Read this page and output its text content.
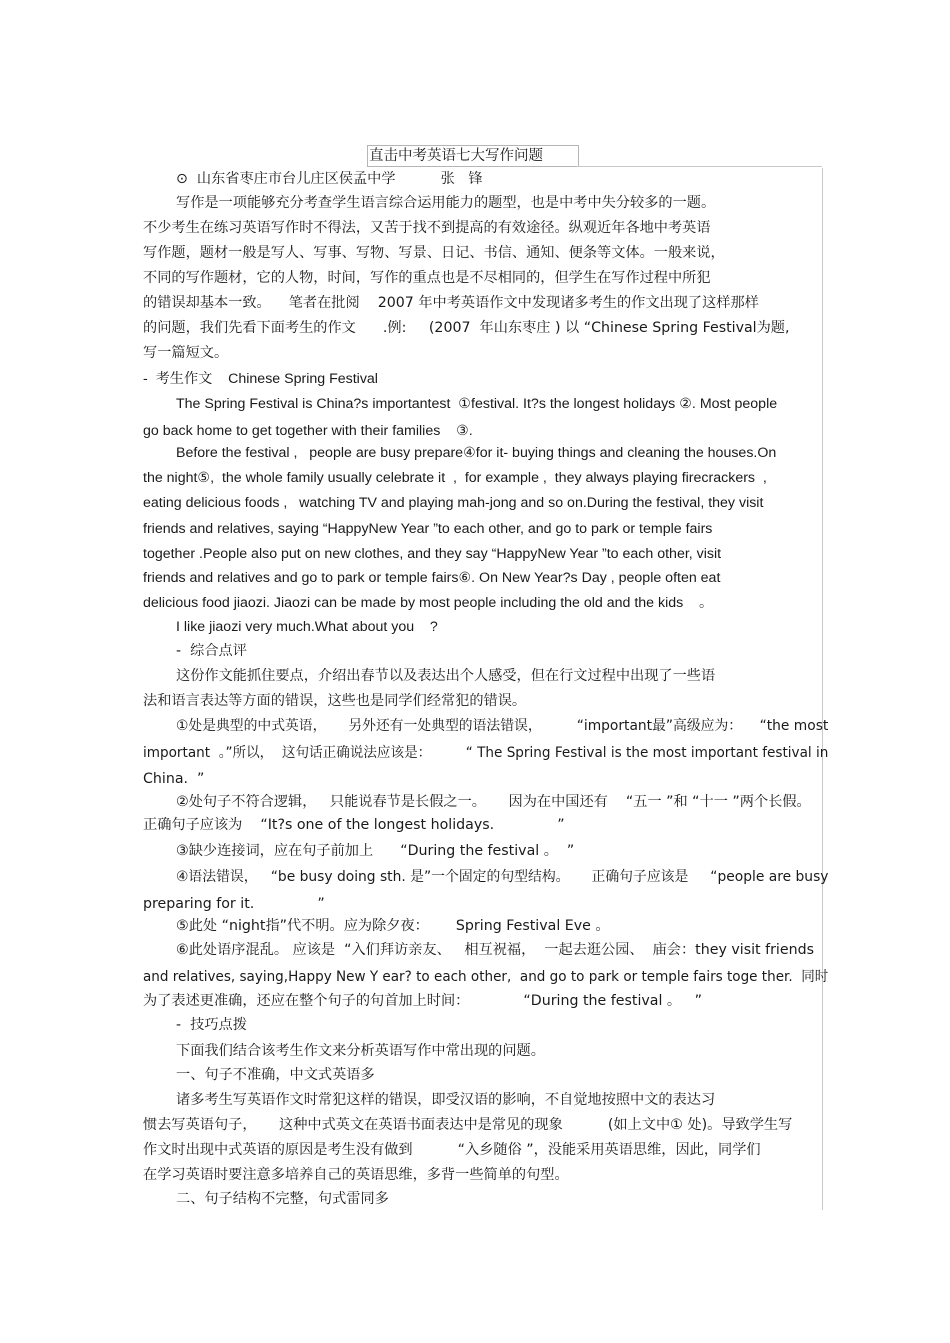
直击中考英语七大写作问题
⊙  山东省枣庄市台儿庄区侯孟中学          张   锋
写作是一项能够充分考查学生语言综合运用能力的题型，也是中考中失分较多的一题。
不少考生在练习英语写作时不得法，又苦于找不到提高的有效途径。纵观近年各地中考英语
写作题，题材一般是写人、写事、写物、写景、日记、书信、通知、便条等文体。一般来说，
不同的写作题材，它的人物，时间，写作的重点也是不尽相同的，但学生在写作过程中所犯
的错误却基本一致。    笔者在批阅    2007 年中考英语作文中发现诸多考生的作文出现了这样那样
的问题，我们先看下面考生的作文      .例:     (2007  年山东枣庄 ) 以 “Chinese Spring Festival为题,
写一篇短文。
-  考生作文    Chinese Spring Festival
The Spring Festival is China?s importantest  ①festival. It?s the longest holidays ②. Most people
go back home to get together with their families    ③.
Before the festival ,   people are busy prepare④for it- buying things and cleaning the houses.On
the night⑤,  the whole family usually celebrate it  ,  for example ,  they always playing firecrackers  ,
eating delicious foods ,   watching TV and playing mah-jong and so on.During the festival, they visit
friends and relatives, saying “HappyNew Year ”to each other, and go to park or temple fairs
together .People also put on new clothes, and they say “HappyNew Year ”to each other, visit
friends and relatives and go to park or temple fairs⑥. On New Year?s Day , people often eat
delicious food jiaozi. Jiaozi can be made by most people including the old and the kids    。
I like jiaozi very much.What about you    ?
-  综合点评
这份作文能抓住要点，介绍出春节以及表达出个人感受，但在行文过程中出现了一些语
法和语言表达等方面的错误，这些也是同学们经常犯的错误。
①处是典型的中式英语，     另外还有一处典型的语法错误，        “important最”高级应为：    “the most
important  。”所以，  这句话正确说法应该是：        “ The Spring Festival is the most important festival in
China.  ”
②处句子不符合逻辑，   只能说春节是长假之一。     因为在中国还有    “五一 ”和 “十一 ”两个长假。
正确句子应该为    “It?s one of the longest holidays.              ”
③缺少连接词，应在句子前加上      “During the festival 。  ”
④语法错误，   “be busy doing sth. 是”一个固定的句型结构。     正确句子应该是     “people are busy
preparing for it.              ”
⑤此处 “night指”代不明。应为除夕夜：      Spring Festival Eve 。
⑥此处语序混乱。 应该是  “入们拜访亲友、   相互祝福，  一起去逛公园、  庙会：they visit friends
and relatives, saying,Happy New Y ear? to each other,  and go to park or temple fairs toge ther.  同时
为了表述更准确，还应在整个句子的句首加上时间：            “During the festival 。   ”
-  技巧点拨
下面我们结合该考生作文来分析英语写作中常出现的问题。
一、句子不准确，中文式英语多
诸多考生写英语作文时常犯这样的错误，即受汉语的影响，不自觉地按照中文的表达习
惯去写英语句子，     这种中式英文在英语书面表达中是常见的现象          (如上文中① 处)。导致学生写
作文时出现中式英语的原因是考生没有做到          “入乡随俗 ”，没能采用英语思维，因此，同学们
在学习英语时要注意多培养自己的英语思维，多背一些简单的句型。
二、句子结构不完整，句式雷同多
